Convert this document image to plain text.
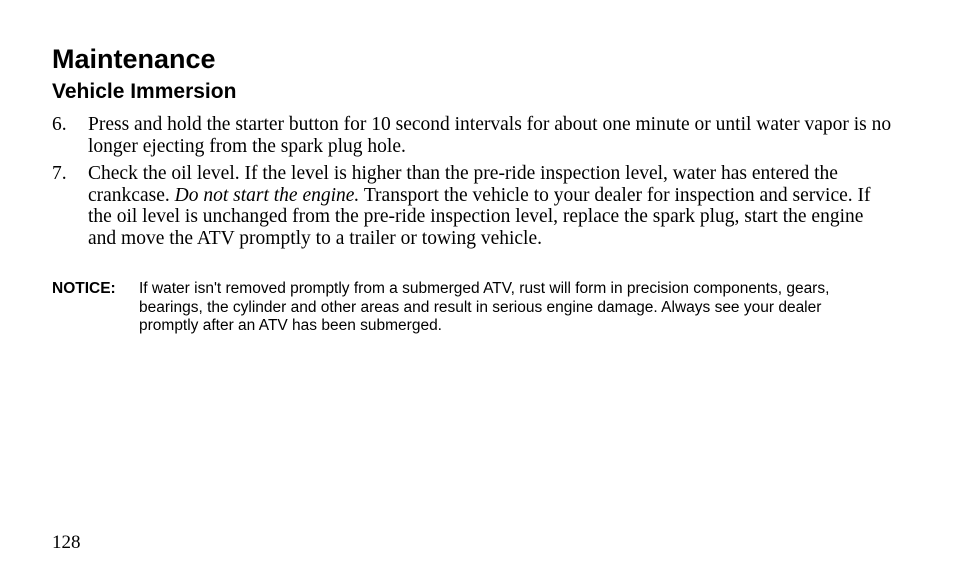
Maintenance
Vehicle Immersion
6. Press and hold the starter button for 10 second intervals for about one minute or until water vapor is no longer ejecting from the spark plug hole.
7. Check the oil level. If the level is higher than the pre-ride inspection level, water has entered the crankcase. Do not start the engine. Transport the vehicle to your dealer for inspection and service. If the oil level is unchanged from the pre-ride inspection level, replace the spark plug, start the engine and move the ATV promptly to a trailer or towing vehicle.
NOTICE: If water isn't removed promptly from a submerged ATV, rust will form in precision components, gears, bearings, the cylinder and other areas and result in serious engine damage. Always see your dealer promptly after an ATV has been submerged.
128
